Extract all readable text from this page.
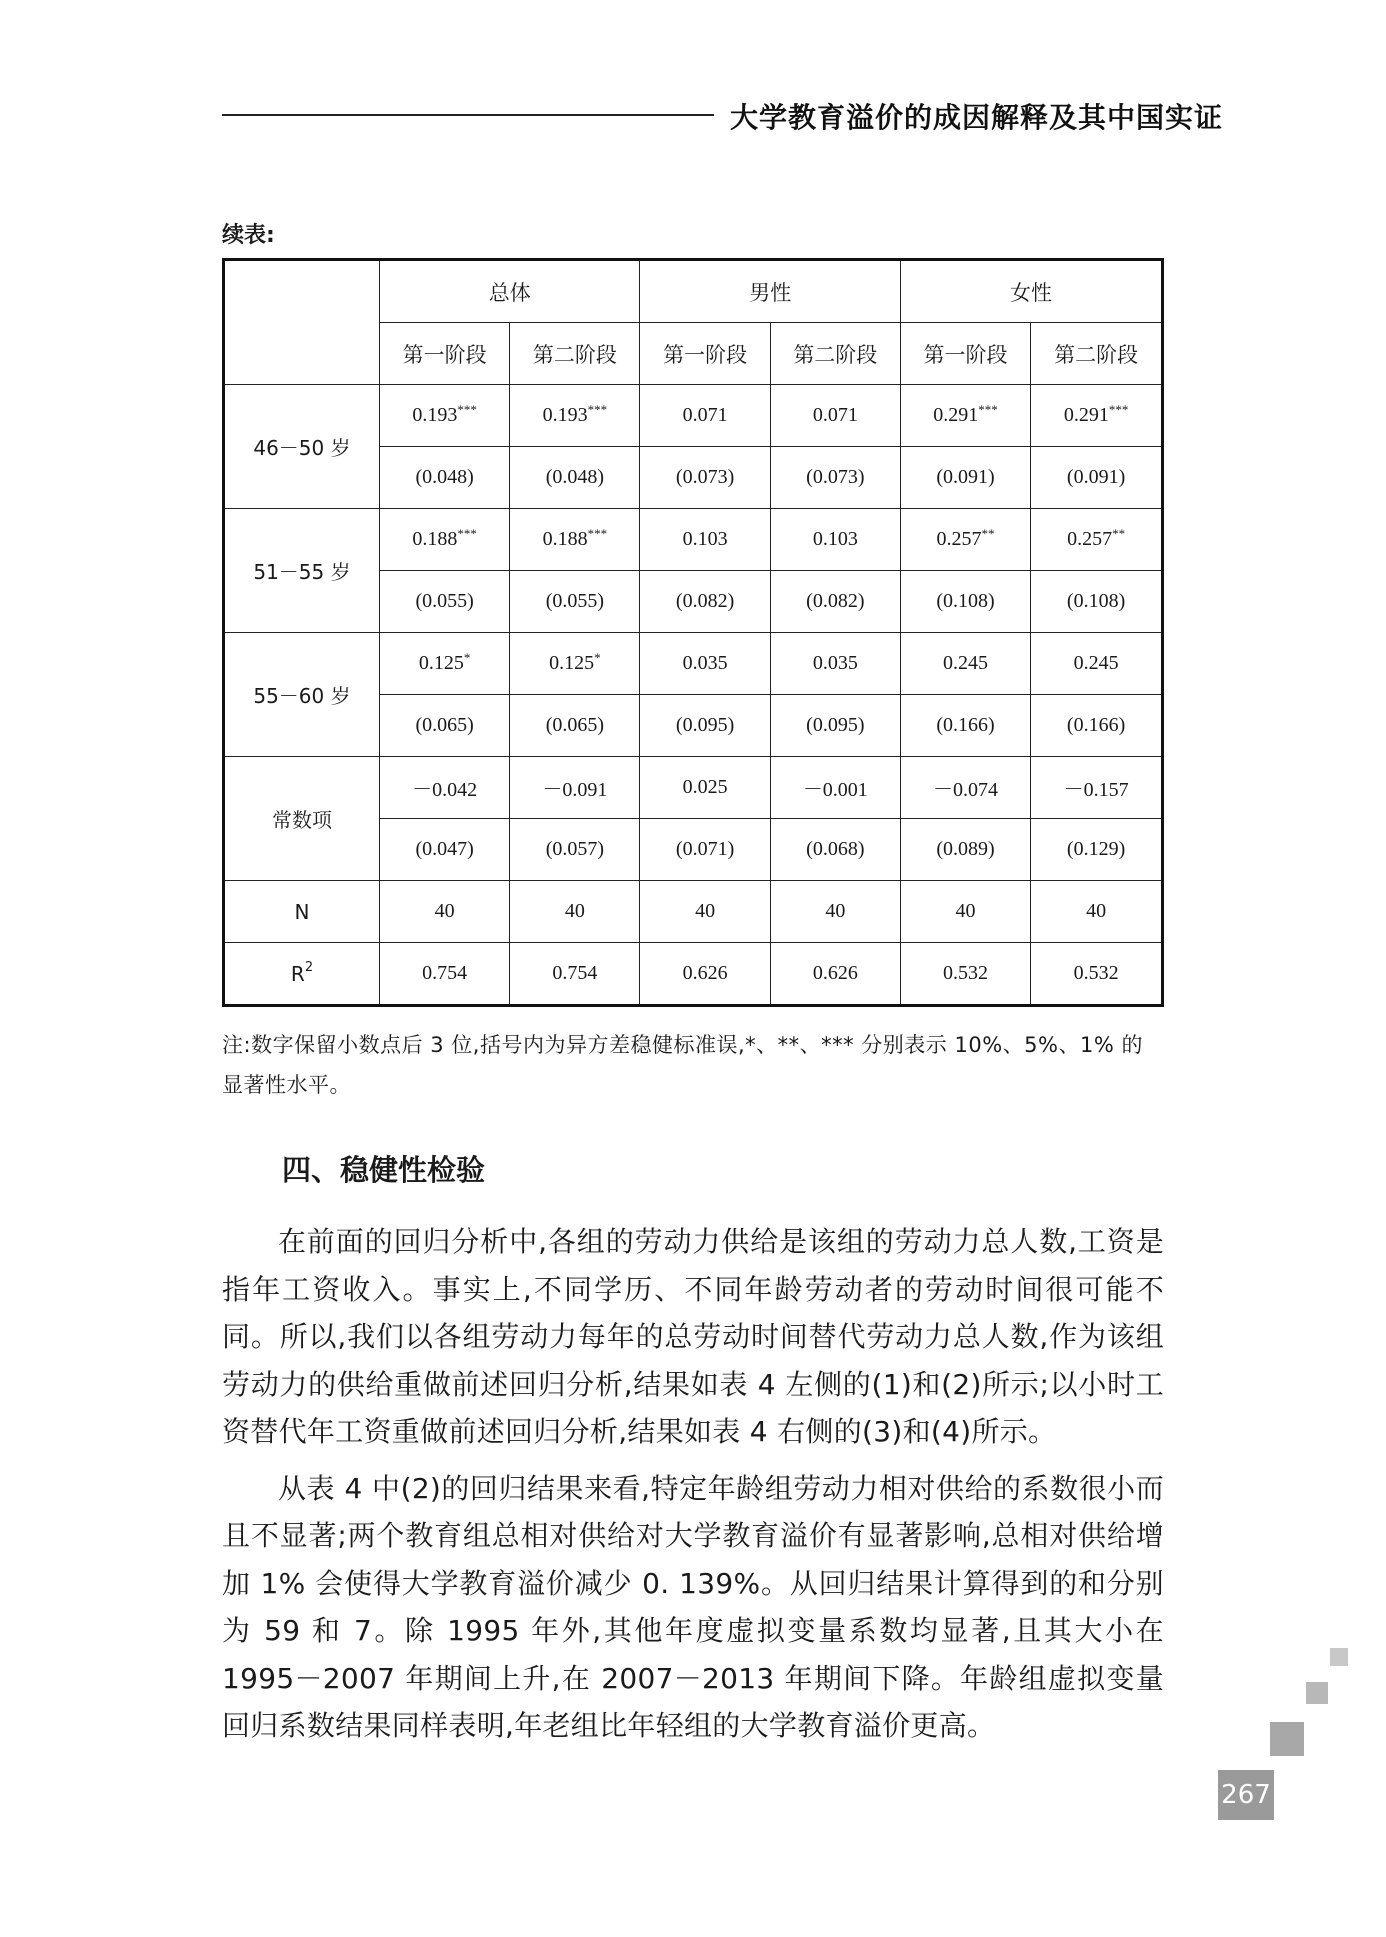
大学教育溢价的成因解释及其中国实证
续表:
	总体		男性		女性	
	第一阶段	第二阶段	第一阶段	第二阶段	第一阶段	第二阶段
46－50 岁	0.193***	0.193***	0.071	0.071	0.291***	0.291***
	(0.048)	(0.048)	(0.073)	(0.073)	(0.091)	(0.091)
51－55 岁	0.188***	0.188***	0.103	0.103	0.257**	0.257**
	(0.055)	(0.055)	(0.082)	(0.082)	(0.108)	(0.108)
55－60 岁	0.125*	0.125*	0.035	0.035	0.245	0.245
	(0.065)	(0.065)	(0.095)	(0.095)	(0.166)	(0.166)
常数项	－0.042	－0.091	0.025	－0.001	－0.074	－0.157
	(0.047)	(0.057)	(0.071)	(0.068)	(0.089)	(0.129)
N	40	40	40	40	40	40
$R^2$	0.754	0.754	0.626	0.626	0.532	0.532
注:数字保留小数点后 3 位,括号内为异方差稳健标准误,*、**、*** 分别表示 10%、5%、1% 的显著性水平。
四、稳健性检验

在前面的回归分析中,各组的劳动力供给是该组的劳动力总人数,工资是指年工资收入。事实上,不同学历、不同年龄劳动者的劳动时间很可能不同。所以,我们以各组劳动力每年的总劳动时间替代劳动力总人数,作为该组劳动力的供给重做前述回归分析,结果如表 4 左侧的(1)和(2)所示;以小时工资替代年工资重做前述回归分析,结果如表 4 右侧的(3)和(4)所示。

从表 4 中(2)的回归结果来看,特定年龄组劳动力相对供给的系数很小而且不显著;两个教育组总相对供给对大学教育溢价有显著影响,总相对供给增加 1% 会使得大学教育溢价减少 0. 139%。从回归结果计算得到的和分别为 59 和 7。除 1995 年外,其他年度虚拟变量系数均显著,且其大小在 1995－2007 年期间上升,在 2007－2013 年期间下降。年龄组虚拟变量回归系数结果同样表明,年老组比年轻组的大学教育溢价更高。

267
